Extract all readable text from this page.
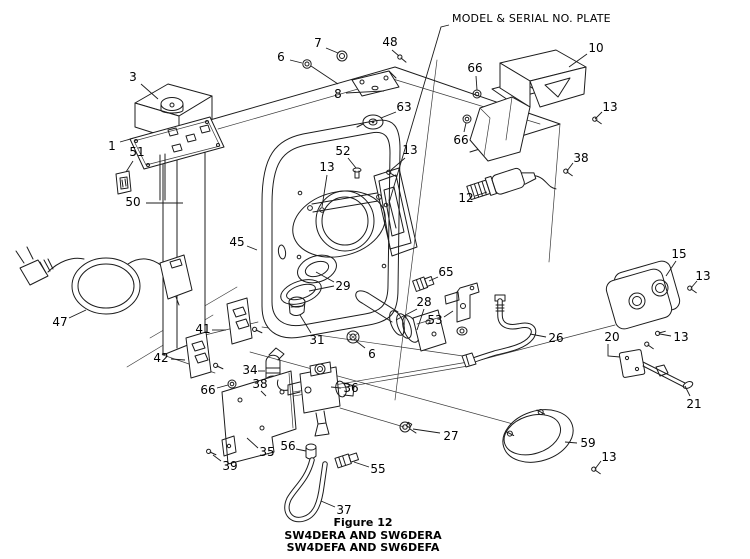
3
1 51
50
6
7	48
8
63
52
13
13
10
66
66
13
38
12
45
47	41
42
66
34
38
35
39
56
36
31
6
29
65
28
53
26
37
55
27	59
13
15
13
13
20
21
MODEL & SERIAL NO. PLATE
Figure 12
SW4DERA AND SW6DERA
SW4DEFA AND SW6DEFA
